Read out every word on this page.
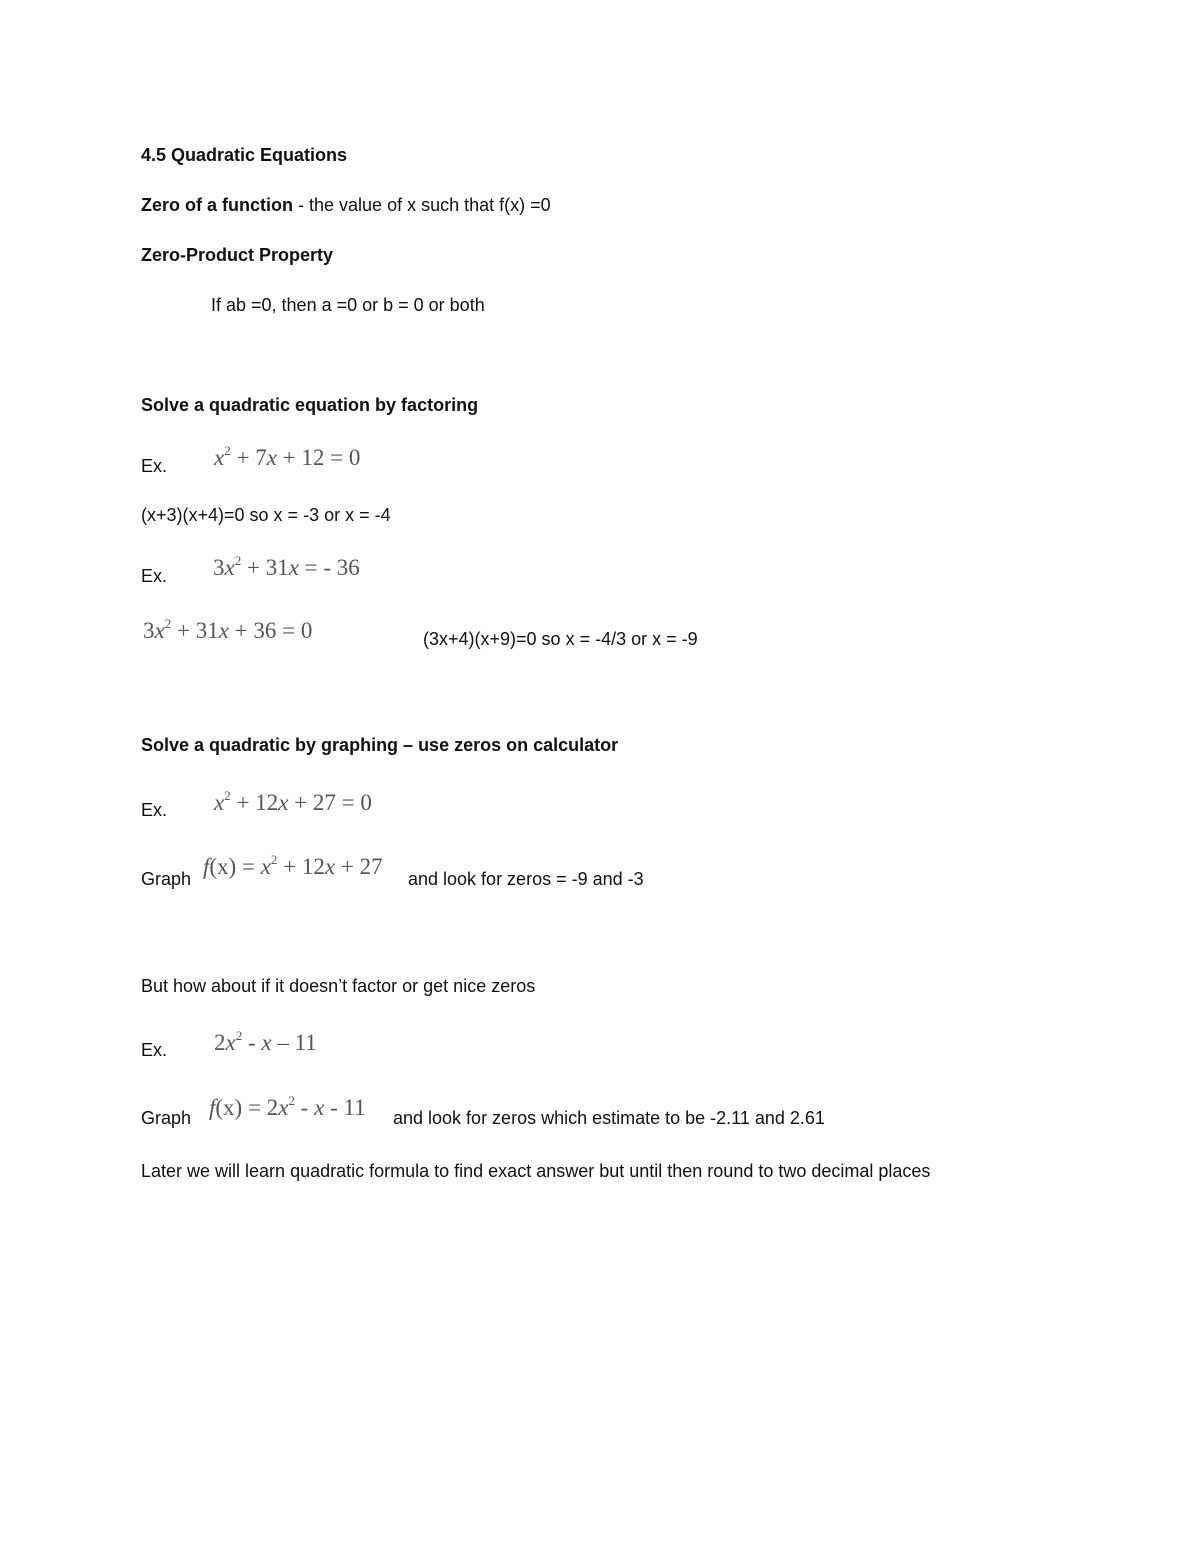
4.5 Quadratic Equations
Zero of a function - the value of x such that f(x) =0
Zero-Product Property
If ab =0, then a =0 or b = 0 or both
Solve a quadratic equation by factoring
Ex. $x^2 + 7x + 12 = 0$
(x+3)(x+4)=0 so x = -3 or x = -4
Ex. $3x^2 + 31x$ = - 36
$3x^2 + 31x + 36 = 0$	(3x+4)(x+9)=0 so x = -4/3 or x = -9
Solve a quadratic by graphing – use zeros on calculator
Ex. $x^2 + 12x + 27 = 0$
Graph $f(x) = x^2 + 12x + 27$ and look for zeros = -9 and -3
But how about if it doesn’t factor or get nice zeros
Ex. $2x^2$ - x – 11
Graph $f(x) = 2x^2 - x - 11$ and look for zeros which estimate to be -2.11 and 2.61
Later we will learn quadratic formula to find exact answer but until then round to two decimal places
